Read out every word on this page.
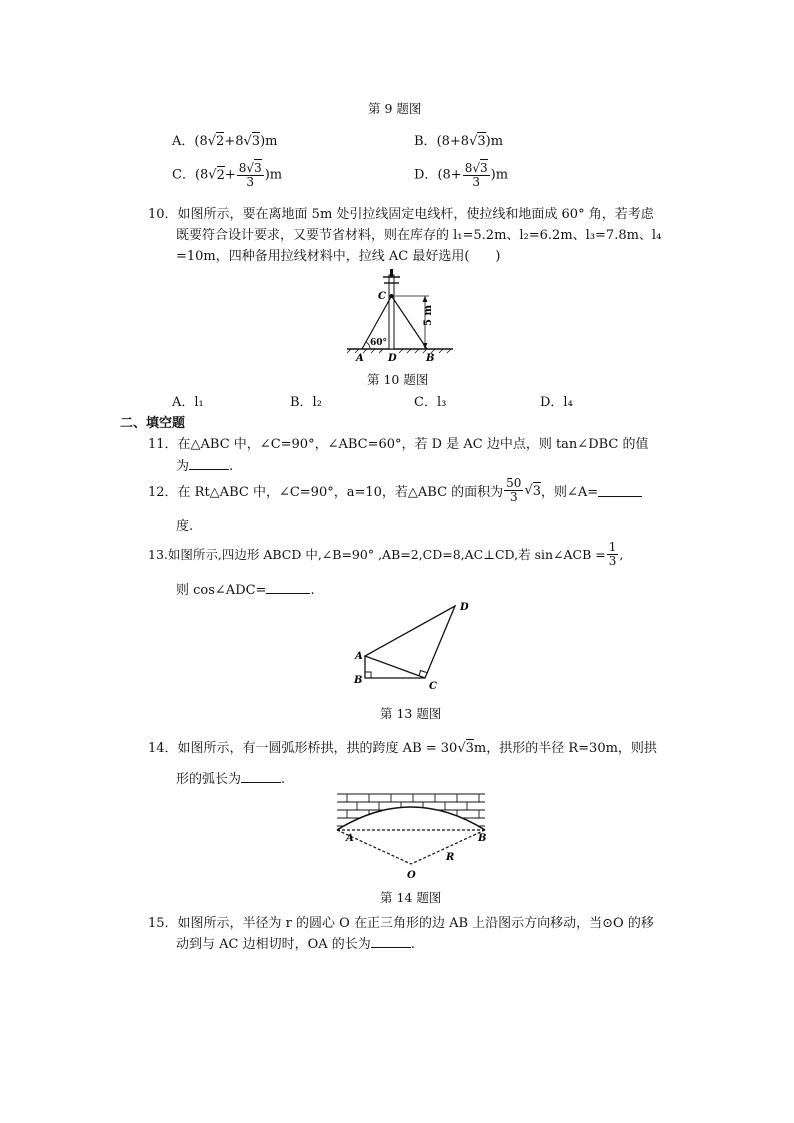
第 9 题图
A．(8√2+8√3)m	B．(8+8√3)m
C．$(8√2+ \frac{8√3}{3} )m$	D．$(8+ \frac{8√3}{3} )m$
10．如图所示，要在离地面 5m 处引拉线固定电线杆，使拉线和地面成 60° 角，若考虑
既要符合设计要求，又要节省材料，则在库存的 l₁=5.2m、l₂=6.2m、l₃=7.8m、l₄
=10m，四种备用拉线材料中，拉线 AC 最好选用(　　)
5 m
60°
C
A D	B
第 10 题图
A．l₁	B．l₂	C．l₃	D．l₄
二、填空题
11．在△ABC 中，∠C=90°，∠ABC=60°，若 D 是 AC 边中点，则 tan∠DBC 的值
为	.
12．在 Rt△ABC 中，∠C=90°，a=10，若△ABC 的面积为 $\frac{50}{3}$ √ 3 ，则∠A=
度.
13.如图所示,四边形 ABCD 中,∠B=90° ,AB=2,CD=8,AC⊥CD,若 sin∠ACB = $\frac{1}{3}$ ,
则 cos∠ADC=	.
A
B
C
D
第 13 题图
14．如图所示，有一圆弧形桥拱，拱的跨度 AB = 30√3m，拱形的半径 R=30m，则拱
形的弧长为	.
A	B
O
R
第 14 题图
15．如图所示，半径为 r 的圆心 O 在正三角形的边 AB 上沿图示方向移动，当⊙O 的移
动到与 AC 边相切时，OA 的长为	.
